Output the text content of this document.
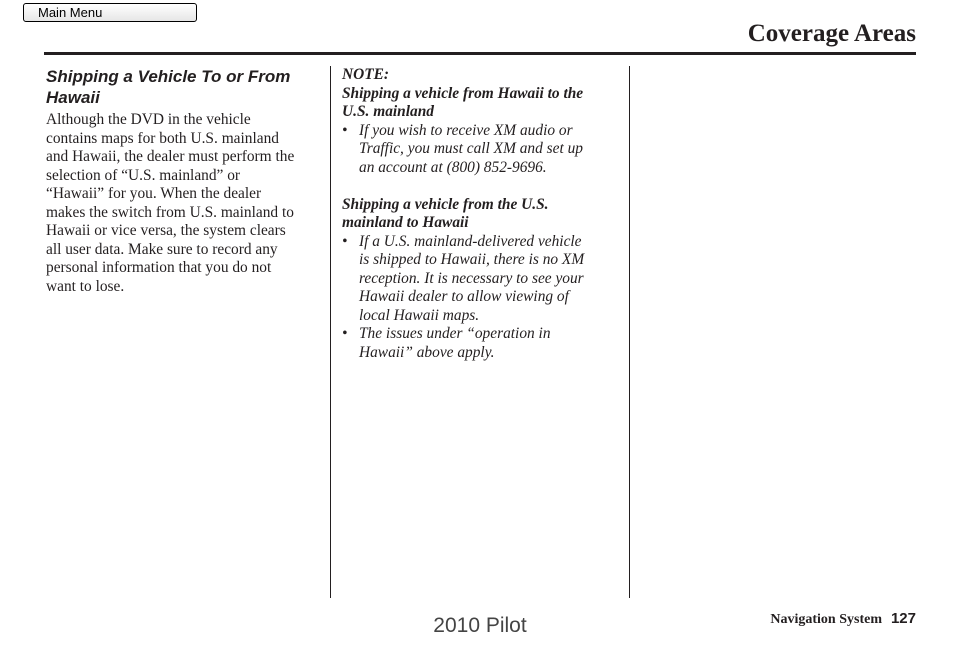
Main Menu
Coverage Areas
Shipping a Vehicle To or From
Hawaii
Although the DVD in the vehicle
contains maps for both U.S. mainland
and Hawaii, the dealer must perform the
selection of “U.S. mainland” or
“Hawaii” for you. When the dealer
makes the switch from U.S. mainland to
Hawaii or vice versa, the system clears
all user data. Make sure to record any
personal information that you do not
want to lose.
NOTE:
Shipping a vehicle from Hawaii to the
U.S. mainland
• If you wish to receive XM audio or
Traffic, you must call XM and set up
an account at (800) 852-9696.
Shipping a vehicle from the U.S.
mainland to Hawaii
• If a U.S. mainland-delivered vehicle
is shipped to Hawaii, there is no XM
reception. It is necessary to see your
Hawaii dealer to allow viewing of
local Hawaii maps.
• The issues under “operation in
Hawaii” above apply.
Navigation System 127
2010 Pilot
